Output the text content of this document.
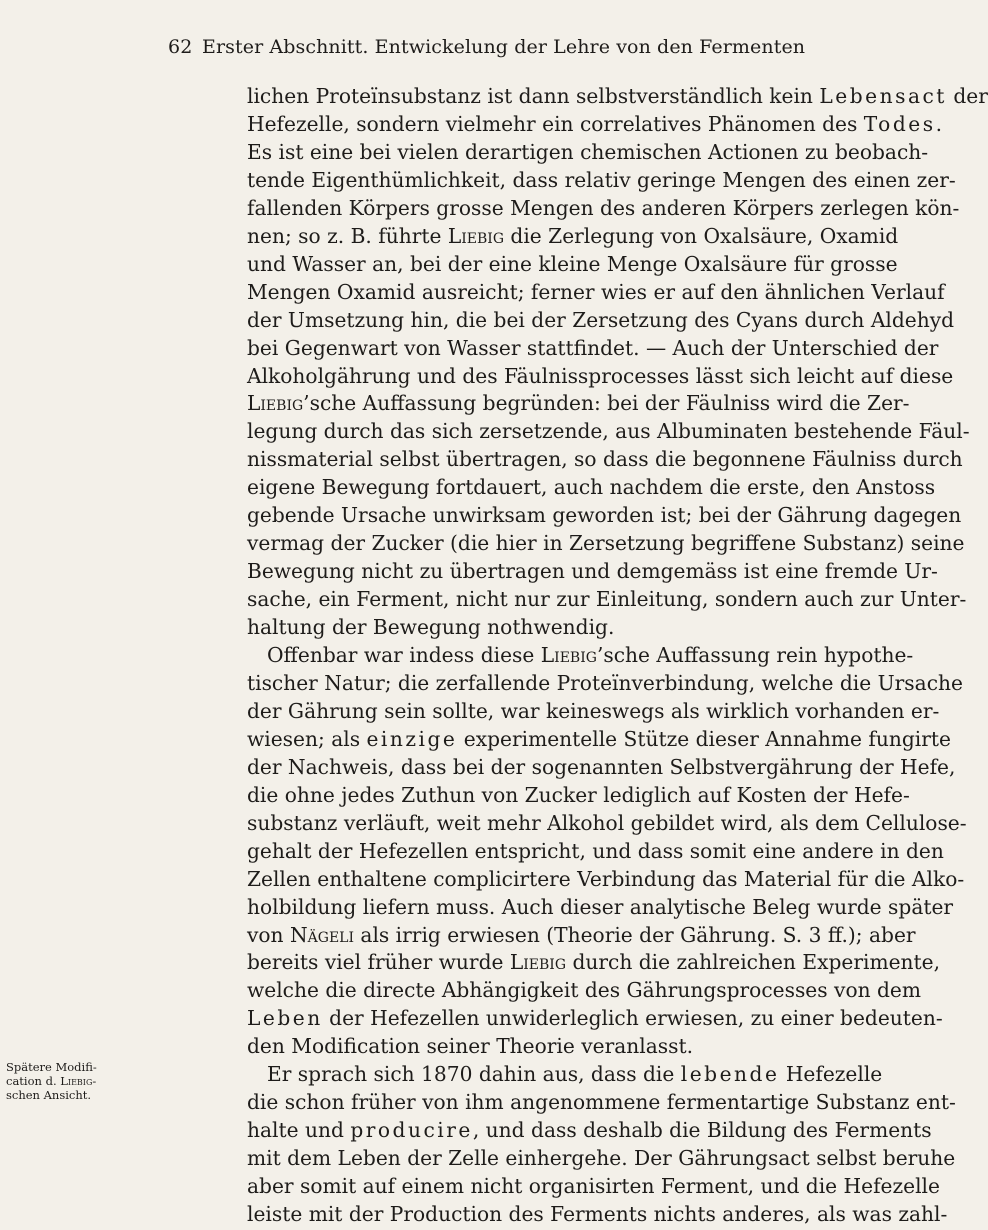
62 Erster Abschnitt. Entwickelung der Lehre von den Fermenten
lichen Proteïnsubstanz ist dann selbstverständlich kein Lebensact der
Hefezelle, sondern vielmehr ein correlatives Phänomen des Todes.
Es ist eine bei vielen derartigen chemischen Actionen zu beobach-
tende Eigenthümlichkeit, dass relativ geringe Mengen des einen zer-
fallenden Körpers grosse Mengen des anderen Körpers zerlegen kön-
nen; so z. B. führte Liebig die Zerlegung von Oxalsäure, Oxamid
und Wasser an, bei der eine kleine Menge Oxalsäure für grosse
Mengen Oxamid ausreicht; ferner wies er auf den ähnlichen Verlauf
der Umsetzung hin, die bei der Zersetzung des Cyans durch Aldehyd
bei Gegenwart von Wasser stattfindet. — Auch der Unterschied der
Alkoholgährung und des Fäulnissprocesses lässt sich leicht auf diese
Liebig’sche Auffassung begründen: bei der Fäulniss wird die Zer-
legung durch das sich zersetzende, aus Albuminaten bestehende Fäul-
nissmaterial selbst übertragen, so dass die begonnene Fäulniss durch
eigene Bewegung fortdauert, auch nachdem die erste, den Anstoss
gebende Ursache unwirksam geworden ist; bei der Gährung dagegen
vermag der Zucker (die hier in Zersetzung begriffene Substanz) seine
Bewegung nicht zu übertragen und demgemäss ist eine fremde Ur-
sache, ein Ferment, nicht nur zur Einleitung, sondern auch zur Unter-
haltung der Bewegung nothwendig.
Offenbar war indess diese Liebig’sche Auffassung rein hypothe-
tischer Natur; die zerfallende Proteïnverbindung, welche die Ursache
der Gährung sein sollte, war keineswegs als wirklich vorhanden er-
wiesen; als einzige experimentelle Stütze dieser Annahme fungirte
der Nachweis, dass bei der sogenannten Selbstvergährung der Hefe,
die ohne jedes Zuthun von Zucker lediglich auf Kosten der Hefe-
substanz verläuft, weit mehr Alkohol gebildet wird, als dem Cellulose-
gehalt der Hefezellen entspricht, und dass somit eine andere in den
Zellen enthaltene complicirtere Verbindung das Material für die Alko-
holbildung liefern muss. Auch dieser analytische Beleg wurde später
von Nägeli als irrig erwiesen (Theorie der Gährung. S. 3 ff.); aber
bereits viel früher wurde Liebig durch die zahlreichen Experimente,
welche die directe Abhängigkeit des Gährungsprocesses von dem
Leben der Hefezellen unwiderleglich erwiesen, zu einer bedeuten-
den Modification seiner Theorie veranlasst.
Er sprach sich 1870 dahin aus, dass die lebende Hefezelle
die schon früher von ihm angenommene fermentartige Substanz ent-
halte und producire, und dass deshalb die Bildung des Ferments
mit dem Leben der Zelle einhergehe. Der Gährungsact selbst beruhe
aber somit auf einem nicht organisirten Ferment, und die Hefezelle
leiste mit der Production des Ferments nichts anderes, als was zahl-
Spätere Modifi-
cation d. Liebig-
schen Ansicht.
